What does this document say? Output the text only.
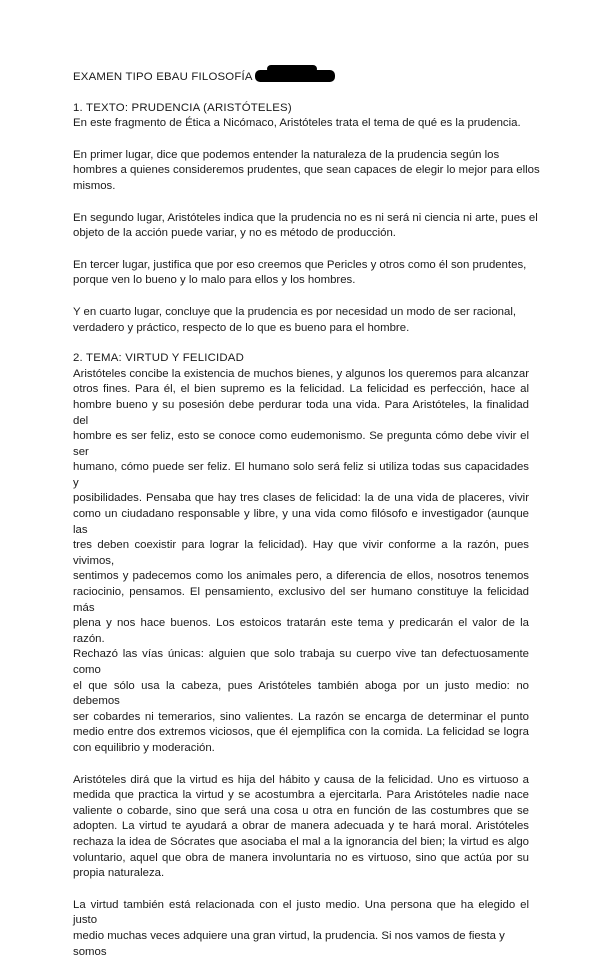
EXAMEN TIPO EBAU FILOSOFÍA
1. TEXTO: PRUDENCIA (ARISTÓTELES)
En este fragmento de Ética a Nicómaco, Aristóteles trata el tema de qué es la prudencia.
En primer lugar, dice que podemos entender la naturaleza de la prudencia según los
hombres a quienes consideremos prudentes, que sean capaces de elegir lo mejor para ellos
mismos.
En segundo lugar, Aristóteles indica que la prudencia no es ni será ni ciencia ni arte, pues el
objeto de la acción puede variar, y no es método de producción.
En tercer lugar, justifica que por eso creemos que Pericles y otros como él son prudentes,
porque ven lo bueno y lo malo para ellos y los hombres.
Y en cuarto lugar, concluye que la prudencia es por necesidad un modo de ser racional,
verdadero y práctico, respecto de lo que es bueno para el hombre.
2. TEMA: VIRTUD Y FELICIDAD
Aristóteles concibe la existencia de muchos bienes, y algunos los queremos para alcanzar
otros fines. Para él, el bien supremo es la felicidad. La felicidad es perfección, hace al
hombre bueno y su posesión debe perdurar toda una vida. Para Aristóteles, la finalidad del
hombre es ser feliz, esto se conoce como eudemonismo. Se pregunta cómo debe vivir el ser
humano, cómo puede ser feliz. El humano solo será feliz si utiliza todas sus capacidades y
posibilidades. Pensaba que hay tres clases de felicidad: la de una vida de placeres, vivir
como un ciudadano responsable y libre, y una vida como filósofo e investigador (aunque las
tres deben coexistir para lograr la felicidad). Hay que vivir conforme a la razón, pues vivimos,
sentimos y padecemos como los animales pero, a diferencia de ellos, nosotros tenemos
raciocinio, pensamos. El pensamiento, exclusivo del ser humano constituye la felicidad más
plena y nos hace buenos. Los estoicos tratarán este tema y predicarán el valor de la razón.
Rechazó las vías únicas: alguien que solo trabaja su cuerpo vive tan defectuosamente como
el que sólo usa la cabeza, pues Aristóteles también aboga por un justo medio: no debemos
ser cobardes ni temerarios, sino valientes. La razón se encarga de determinar el punto
medio entre dos extremos viciosos, que él ejemplifica con la comida. La felicidad se logra
con equilibrio y moderación.
Aristóteles dirá que la virtud es hija del hábito y causa de la felicidad. Uno es virtuoso a
medida que practica la virtud y se acostumbra a ejercitarla. Para Aristóteles nadie nace
valiente o cobarde, sino que será una cosa u otra en función de las costumbres que se
adopten. La virtud te ayudará a obrar de manera adecuada y te hará moral. Aristóteles
rechaza la idea de Sócrates que asociaba el mal a la ignorancia del bien; la virtud es algo
voluntario, aquel que obra de manera involuntaria no es virtuoso, sino que actúa por su
propia naturaleza.
La virtud también está relacionada con el justo medio. Una persona que ha elegido el justo
medio muchas veces adquiere una gran virtud, la prudencia. Si nos vamos de fiesta y somos
